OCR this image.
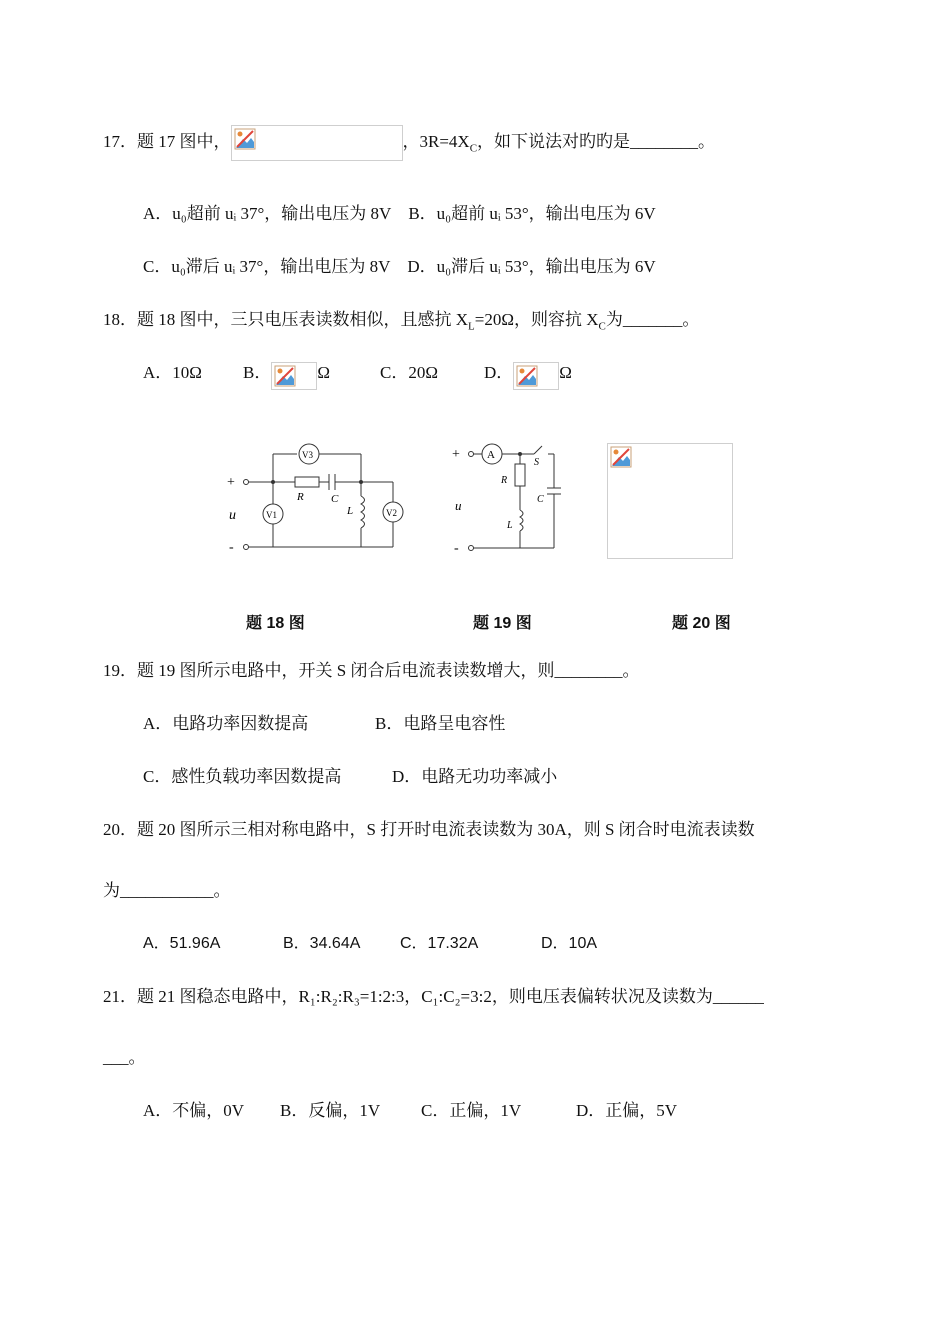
17．题 17 图中，	，$3R=4X_C$，如下说法对旳旳是________。
A．u₀超前 uᵢ 37°，输出电压为 8V B．u₀超前 uᵢ 53°，输出电压为 6V
C．u₀滞后 uᵢ 37°，输出电压为 8V D．u₀滞后 uᵢ 53°，输出电压为 6V
18．题 18 图中，三只电压表读数相似，且感抗 $X_L=20\Omega$，则容抗 $X_C$为_______。
A．10Ω B．	Ω	C．20Ω	D．	Ω
+
-
u
V3
V1	V2
R C
L
+
-
u
A
S
R
C
L
题 18 图	题 19 图	题 20 图
19．题 19 图所示电路中，开关 S 闭合后电流表读数增大，则________。
A．电路功率因数提高	B．电路呈电容性
C．感性负载功率因数提高	D．电路无功功率减小
20．题 20 图所示三相对称电路中，S 打开时电流表读数为 30A，则 S 闭合时电流表读数
为___________。
A．51.96A	B．34.64A C．17.32A	D．10A
21．题 21 图稳态电路中，R₁:R₂:R₃=1:2:3，C₁:C₂=3:2，则电压表偏转状况及读数为______
___。
A．不偏，0V B．反偏，1V C．正偏，1V	D．正偏，5V
